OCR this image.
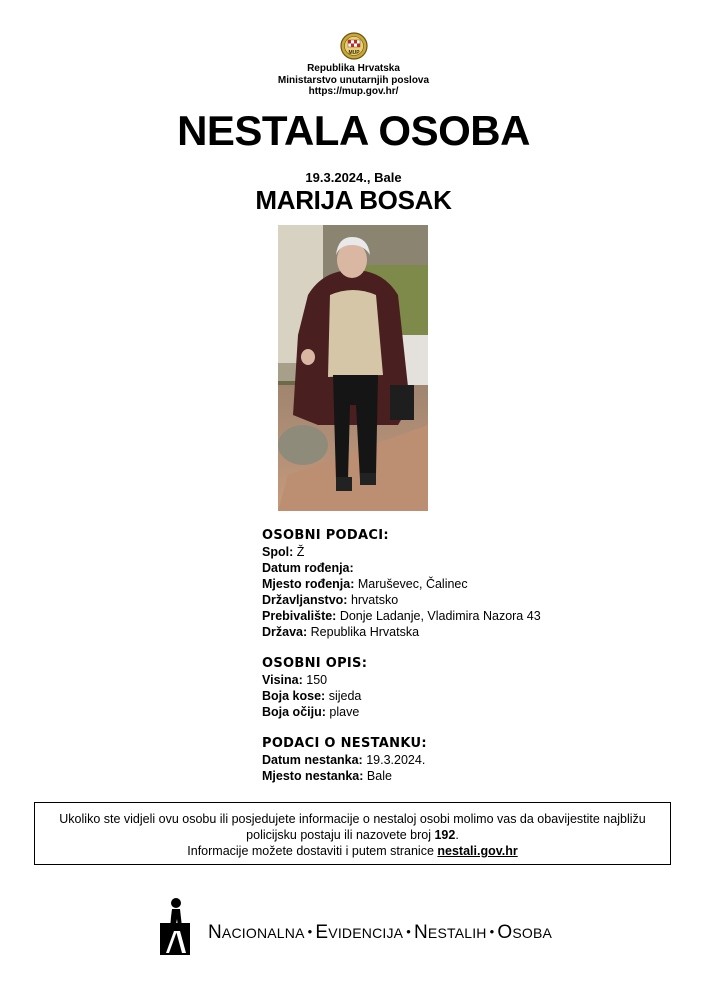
MUP
Republika Hrvatska
Ministarstvo unutarnjih poslova
https://mup.gov.hr/
NESTALA OSOBA
19.3.2024., Bale
MARIJA BOSAK
OSOBNI PODACI:
Spol: Ž
Datum rođenja:
Mjesto rođenja: Maruševec, Čalinec
Državljanstvo: hrvatsko
Prebivalište: Donje Ladanje, Vladimira Nazora 43
Država: Republika Hrvatska
OSOBNI OPIS:
Visina: 150
Boja kose: sijeda
Boja očiju: plave
PODACI O NESTANKU:
Datum nestanka: 19.3.2024.
Mjesto nestanka: Bale
Ukoliko ste vidjeli ovu osobu ili posjedujete informacije o nestaloj osobi molimo vas da obavijestite najbližu
policijsku postaju ili nazovete broj 192.
Informacije možete dostaviti i putem stranice nestali.gov.hr
NACIONALNA • EVIDENCIJA • NESTALIH • OSOBA
